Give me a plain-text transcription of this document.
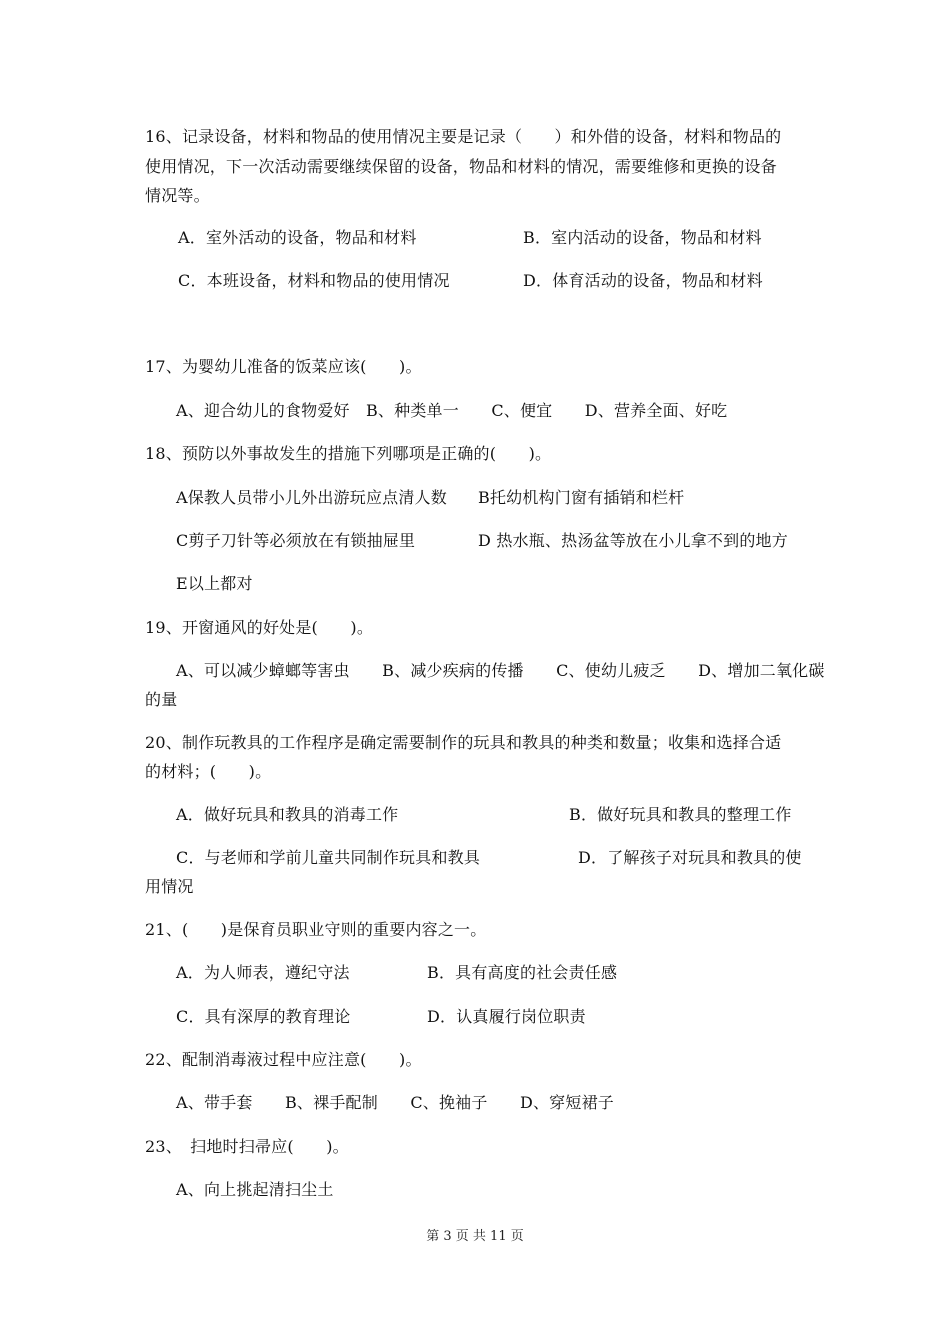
16、记录设备，材料和物品的使用情况主要是记录（　　）和外借的设备，材料和物品的
使用情况，下一次活动需要继续保留的设备，物品和材料的情况，需要维修和更换的设备
情况等。
A．室外活动的设备，物品和材料	B．室内活动的设备，物品和材料
C．本班设备，材料和物品的使用情况	D．体育活动的设备，物品和材料
17、为婴幼儿准备的饭菜应该(　　)。
A、迎合幼儿的食物爱好　B、种类单一　　C、便宜　　D、营养全面、好吃
18、预防以外事故发生的措施下列哪项是正确的(　　)。
A保教人员带小儿外出游玩应点清人数 B托幼机构门窗有插销和栏杆
C剪子刀针等必须放在有锁抽屉里	D 热水瓶、热汤盆等放在小儿拿不到的地方
E以上都对
19、开窗通风的好处是(　　)。
A、可以减少蟑螂等害虫　　B、减少疾病的传播　　C、使幼儿疲乏　　D、增加二氧化碳
的量
20、制作玩教具的工作程序是确定需要制作的玩具和教具的种类和数量；收集和选择合适
的材料；(　　)。
A．做好玩具和教具的消毒工作	B．做好玩具和教具的整理工作
C．与老师和学前儿童共同制作玩具和教具	D．了解孩子对玩具和教具的使
用情况
21、(　　)是保育员职业守则的重要内容之一。
A．为人师表，遵纪守法	B．具有高度的社会责任感
C．具有深厚的教育理论	D．认真履行岗位职责
22、配制消毒液过程中应注意(　　)。
A、带手套　　B、裸手配制　　C、挽袖子　　D、穿短裙子
23、　扫地时扫帚应(　　)。
A、向上挑起清扫尘土
第 3 页 共 11 页
